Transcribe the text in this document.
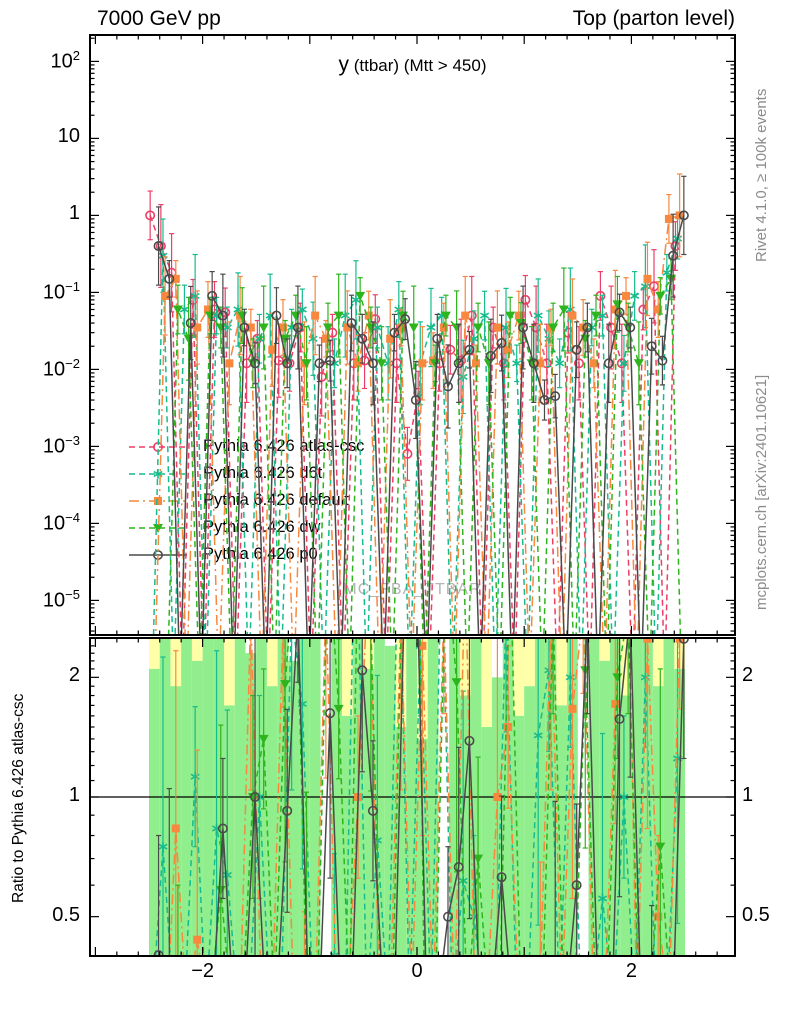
7000 GeV pp	Top (parton level)
y (ttbar) (Mtt > 450)
(MC_FBA_TTBAR)
Pythia 6.426 atlas-csc
Pythia 6.426 d6t
Pythia 6.426 default
Pythia 6.426 dw
Pythia 6.426 p0
Rivet 4.1.0, ≥ 100k events
mcplots.cern.ch [arXiv:2401.10621]
Ratio to Pythia 6.426 atlas-csc
$10^2$
10
1
$10^{-1}$
$10^{-2}$
$10^{-3}$
$10^{-4}$
$10^{-5}$
2	2
1	1
0.5	0.5
−2	0	2
